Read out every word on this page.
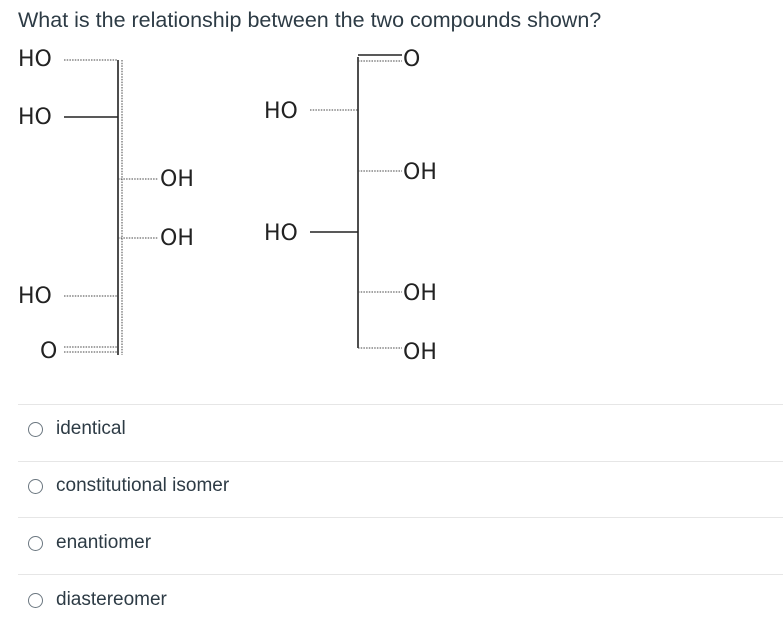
What is the relationship between the two compounds shown?
HO
HO
OH
OH
HO
O
O
HO
OH
HO
OH
OH
identical
constitutional isomer
enantiomer
diastereomer
